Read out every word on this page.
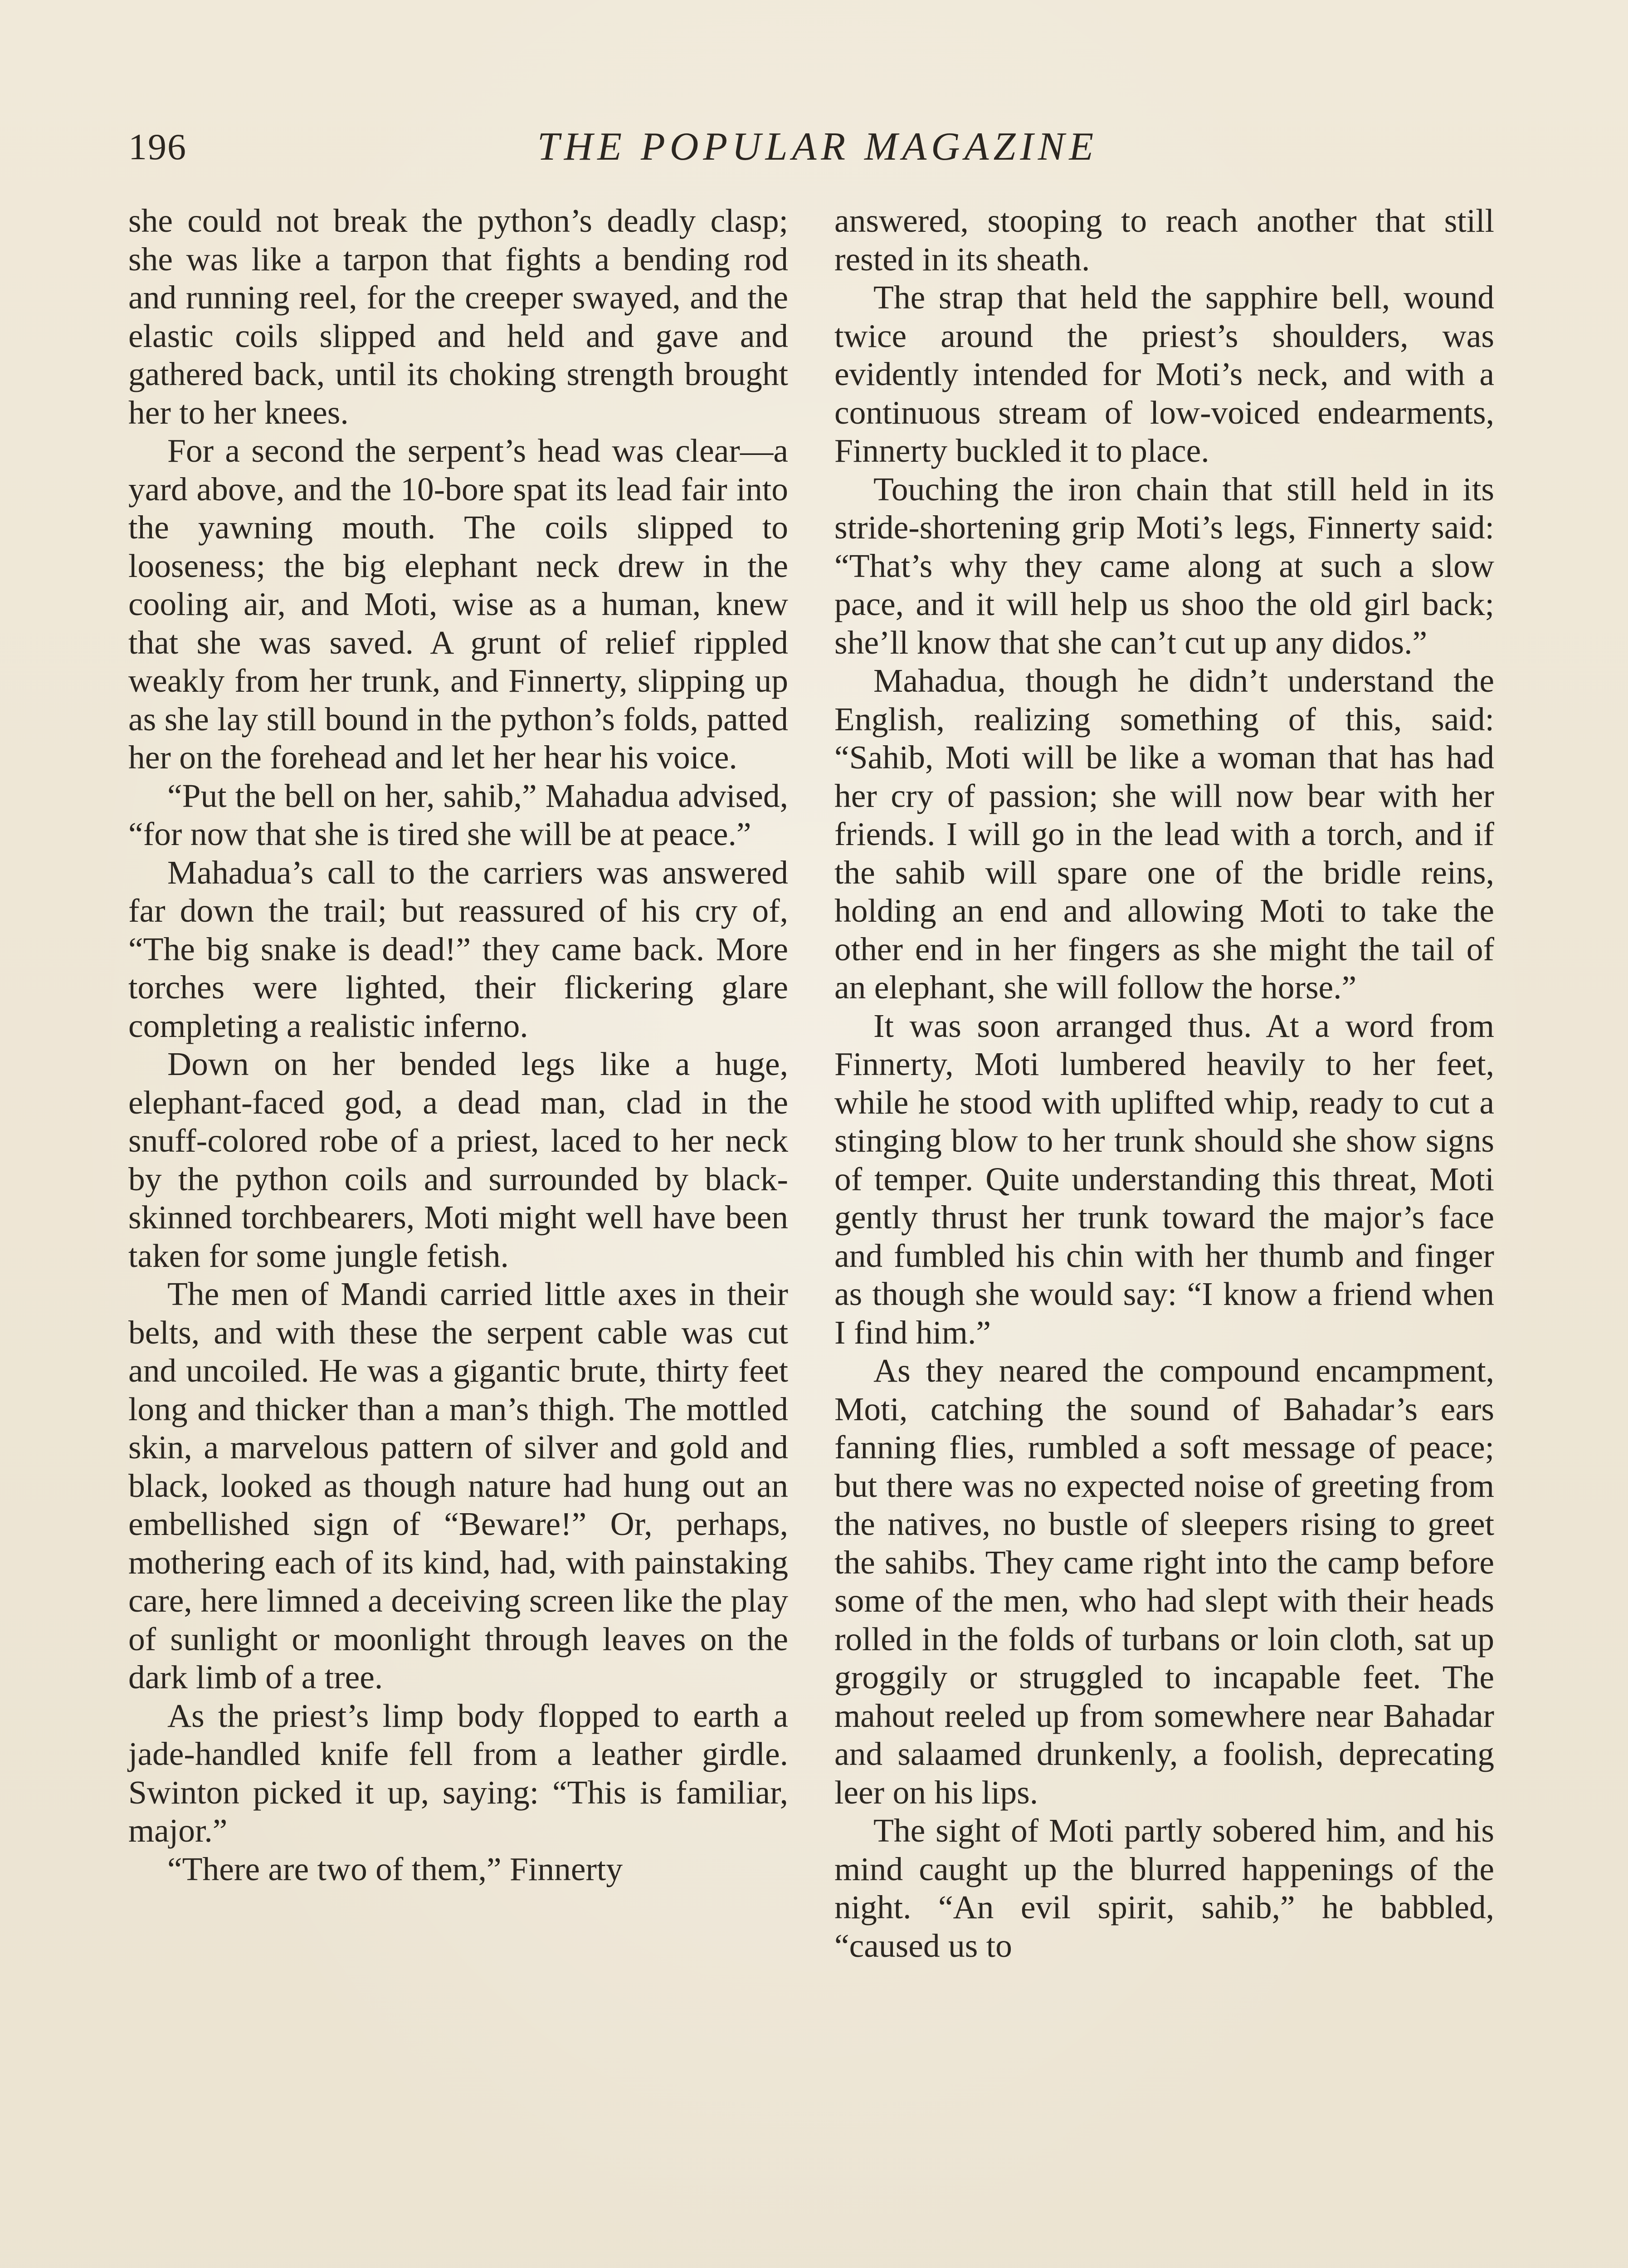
196	THE POPULAR MAGAZINE

she could not break the python’s deadly clasp; she was like a tarpon that fights a bending rod and running reel, for the creeper swayed, and the elastic coils slipped and held and gave and gathered back, until its choking strength brought her to her knees.

For a second the serpent’s head was clear—a yard above, and the 10-bore spat its lead fair into the yawning mouth. The coils slipped to looseness; the big elephant neck drew in the cooling air, and Moti, wise as a human, knew that she was saved. A grunt of relief rippled weakly from her trunk, and Finnerty, slipping up as she lay still bound in the python’s folds, patted her on the forehead and let her hear his voice.

“Put the bell on her, sahib,” Mahadua advised, “for now that she is tired she will be at peace.”

Mahadua’s call to the carriers was answered far down the trail; but reassured of his cry of, “The big snake is dead!” they came back. More torches were lighted, their flickering glare completing a realistic inferno.

Down on her bended legs like a huge, elephant-faced god, a dead man, clad in the snuff-colored robe of a priest, laced to her neck by the python coils and surrounded by black-skinned torchbearers, Moti might well have been taken for some jungle fetish.

The men of Mandi carried little axes in their belts, and with these the serpent cable was cut and uncoiled. He was a gigantic brute, thirty feet long and thicker than a man’s thigh. The mottled skin, a marvelous pattern of silver and gold and black, looked as though nature had hung out an embellished sign of “Beware!” Or, perhaps, mothering each of its kind, had, with painstaking care, here limned a deceiving screen like the play of sunlight or moonlight through leaves on the dark limb of a tree.

As the priest’s limp body flopped to earth a jade-handled knife fell from a leather girdle. Swinton picked it up, saying: “This is familiar, major.”

“There are two of them,” Finnerty

answered, stooping to reach another that still rested in its sheath.

The strap that held the sapphire bell, wound twice around the priest’s shoulders, was evidently intended for Moti’s neck, and with a continuous stream of low-voiced endearments, Finnerty buckled it to place.

Touching the iron chain that still held in its stride-shortening grip Moti’s legs, Finnerty said: “That’s why they came along at such a slow pace, and it will help us shoo the old girl back; she’ll know that she can’t cut up any didos.”

Mahadua, though he didn’t understand the English, realizing something of this, said: “Sahib, Moti will be like a woman that has had her cry of passion; she will now bear with her friends. I will go in the lead with a torch, and if the sahib will spare one of the bridle reins, holding an end and allowing Moti to take the other end in her fingers as she might the tail of an elephant, she will follow the horse.”

It was soon arranged thus. At a word from Finnerty, Moti lumbered heavily to her feet, while he stood with uplifted whip, ready to cut a stinging blow to her trunk should she show signs of temper. Quite understanding this threat, Moti gently thrust her trunk toward the major’s face and fumbled his chin with her thumb and finger as though she would say: “I know a friend when I find him.”

As they neared the compound encampment, Moti, catching the sound of Bahadar’s ears fanning flies, rumbled a soft message of peace; but there was no expected noise of greeting from the natives, no bustle of sleepers rising to greet the sahibs. They came right into the camp before some of the men, who had slept with their heads rolled in the folds of turbans or loin cloth, sat up groggily or struggled to incapable feet. The mahout reeled up from somewhere near Bahadar and salaamed drunkenly, a foolish, deprecating leer on his lips.

The sight of Moti partly sobered him, and his mind caught up the blurred happenings of the night. “An evil spirit, sahib,” he babbled, “caused us to
